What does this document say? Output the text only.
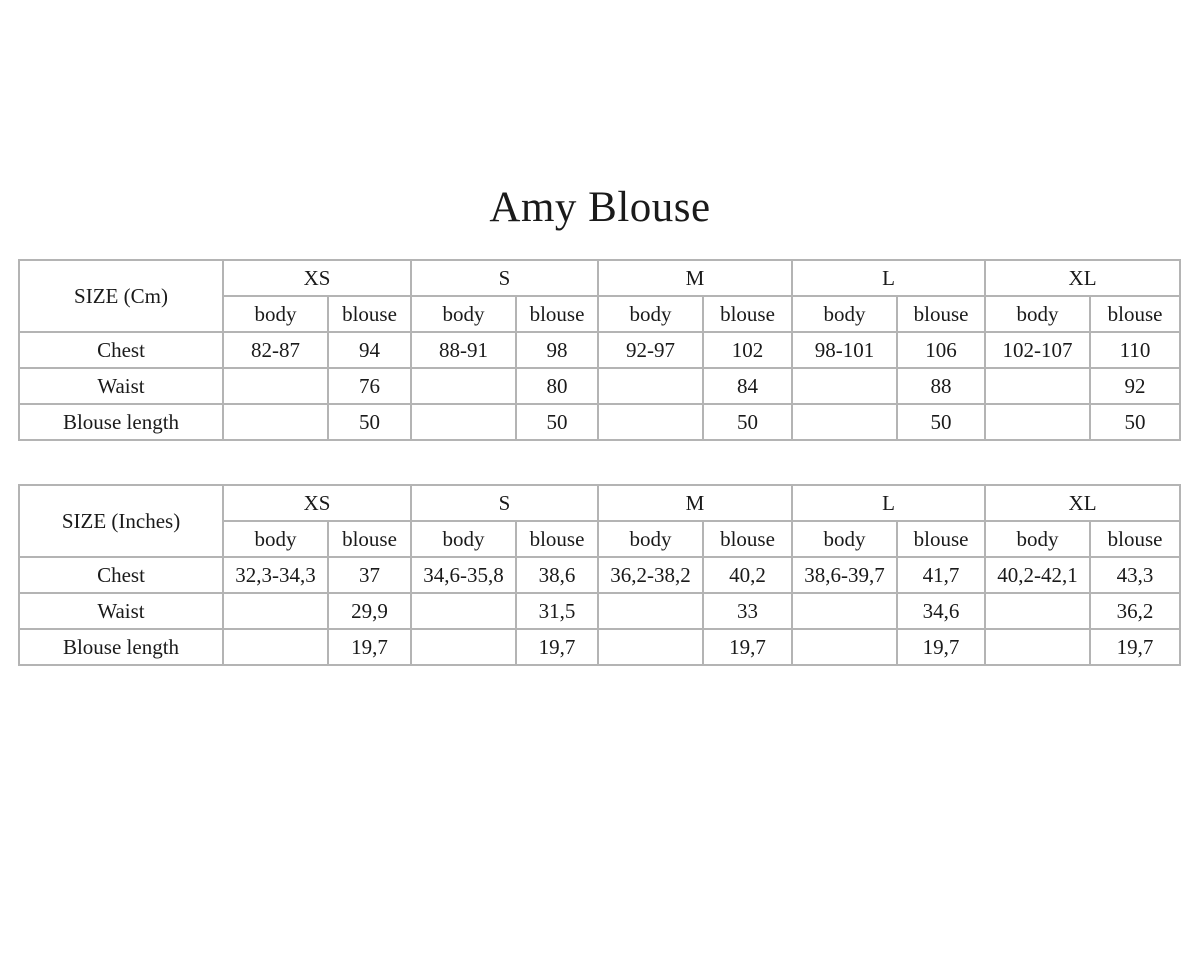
Amy Blouse
SIZE (Cm)	XS		S		M		L		XL	
	body	blouse	body	blouse	body	blouse	body	blouse	body	blouse
Chest	82-87	94	88-91	98	92-97	102	98-101	106	102-107	110
Waist		76		80		84		88		92
Blouse length		50		50		50		50		50
SIZE (Inches)	XS		S		M		L		XL	
	body	blouse	body	blouse	body	blouse	body	blouse	body	blouse
Chest	32,3-34,3	37	34,6-35,8	38,6	36,2-38,2	40,2	38,6-39,7	41,7	40,2-42,1	43,3
Waist		29,9		31,5		33		34,6		36,2
Blouse length		19,7		19,7		19,7		19,7		19,7
